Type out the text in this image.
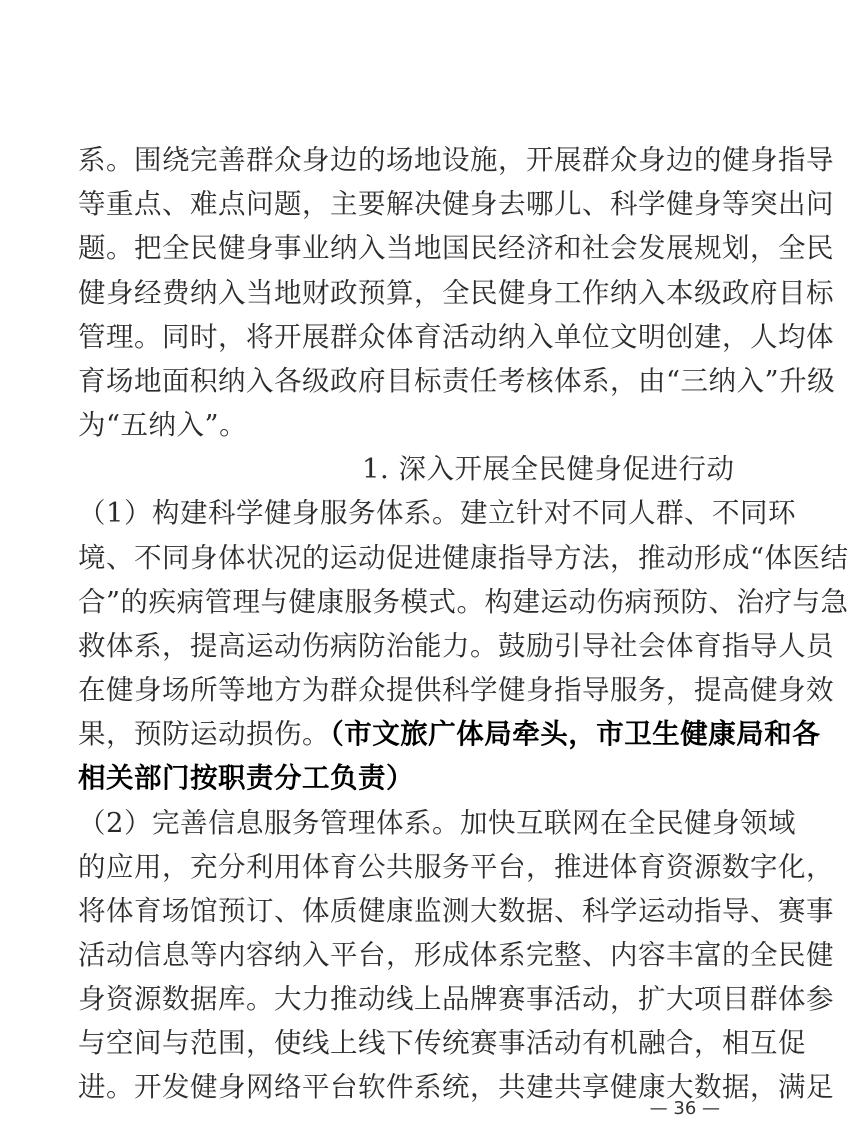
系。围绕完善群众身边的场地设施，开展群众身边的健身指导
等重点、难点问题，主要解决健身去哪儿、科学健身等突出问
题。把全民健身事业纳入当地国民经济和社会发展规划，全民
健身经费纳入当地财政预算，全民健身工作纳入本级政府目标
管理。同时，将开展群众体育活动纳入单位文明创建，人均体
育场地面积纳入各级政府目标责任考核体系，由“三纳入”升级
为“五纳入”。
1. 深入开展全民健身促进行动
（1）构建科学健身服务体系。建立针对不同人群、不同环
境、不同身体状况的运动促进健康指导方法，推动形成“体医结
合”的疾病管理与健康服务模式。构建运动伤病预防、治疗与急
救体系，提高运动伤病防治能力。鼓励引导社会体育指导人员
在健身场所等地方为群众提供科学健身指导服务，提高健身效
果，预防运动损伤。（市文旅广体局牵头，市卫生健康局和各
相关部门按职责分工负责）
（2）完善信息服务管理体系。加快互联网在全民健身领域
的应用，充分利用体育公共服务平台，推进体育资源数字化，
将体育场馆预订、体质健康监测大数据、科学运动指导、赛事
活动信息等内容纳入平台，形成体系完整、内容丰富的全民健
身资源数据库。大力推动线上品牌赛事活动，扩大项目群体参
与空间与范围，使线上线下传统赛事活动有机融合，相互促
进。开发健身网络平台软件系统，共建共享健康大数据，满足
— 36 —
